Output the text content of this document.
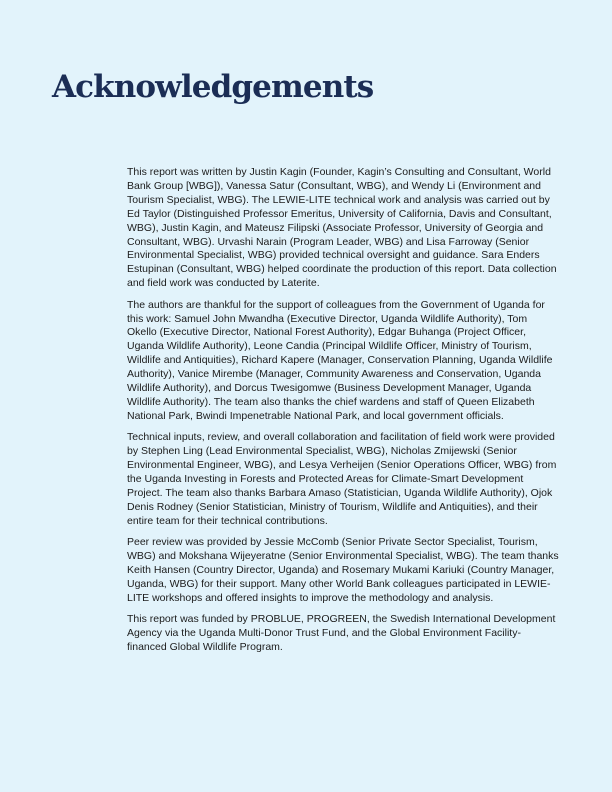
Acknowledgements

This report was written by Justin Kagin (Founder, Kagin’s Consulting and Consultant, World Bank Group [WBG]), Vanessa Satur (Consultant, WBG), and Wendy Li (Environment and Tourism Specialist, WBG). The LEWIE-LITE technical work and analysis was carried out by Ed Taylor (Distinguished Professor Emeritus, University of California, Davis and Consultant, WBG), Justin Kagin, and Mateusz Filipski (Associate Professor, University of Georgia and Consultant, WBG). Urvashi Narain (Program Leader, WBG) and Lisa Farroway (Senior Environmental Specialist, WBG) provided technical oversight and guidance. Sara Enders Estupinan (Consultant, WBG) helped coordinate the production of this report. Data collection and field work was conducted by Laterite.

The authors are thankful for the support of colleagues from the Government of Uganda for this work: Samuel John Mwandha (Executive Director, Uganda Wildlife Authority), Tom Okello (Executive Director, National Forest Authority), Edgar Buhanga (Project Officer, Uganda Wildlife Authority), Leone Candia (Principal Wildlife Officer, Ministry of Tourism, Wildlife and Antiquities), Richard Kapere (Manager, Conservation Planning, Uganda Wildlife Authority), Vanice Mirembe (Manager, Community Awareness and Conservation, Uganda Wildlife Authority), and Dorcus Twesigomwe (Business Development Manager, Uganda Wildlife Authority). The team also thanks the chief wardens and staff of Queen Elizabeth National Park, Bwindi Impenetrable National Park, and local government officials.

Technical inputs, review, and overall collaboration and facilitation of field work were provided by Stephen Ling (Lead Environmental Specialist, WBG), Nicholas Zmijewski (Senior Environmental Engineer, WBG), and Lesya Verheijen (Senior Operations Officer, WBG) from the Uganda Investing in Forests and Protected Areas for Climate-Smart Development Project. The team also thanks Barbara Amaso (Statistician, Uganda Wildlife Authority), Ojok Denis Rodney (Senior Statistician, Ministry of Tourism, Wildlife and Antiquities), and their entire team for their technical contributions.

Peer review was provided by Jessie McComb (Senior Private Sector Specialist, Tourism, WBG) and Mokshana Wijeyeratne (Senior Environmental Specialist, WBG). The team thanks Keith Hansen (Country Director, Uganda) and Rosemary Mukami Kariuki (Country Manager, Uganda, WBG) for their support. Many other World Bank colleagues participated in LEWIE-LITE workshops and offered insights to improve the methodology and analysis.

This report was funded by PROBLUE, PROGREEN, the Swedish International Development Agency via the Uganda Multi-Donor Trust Fund, and the Global Environment Facility-financed Global Wildlife Program.
